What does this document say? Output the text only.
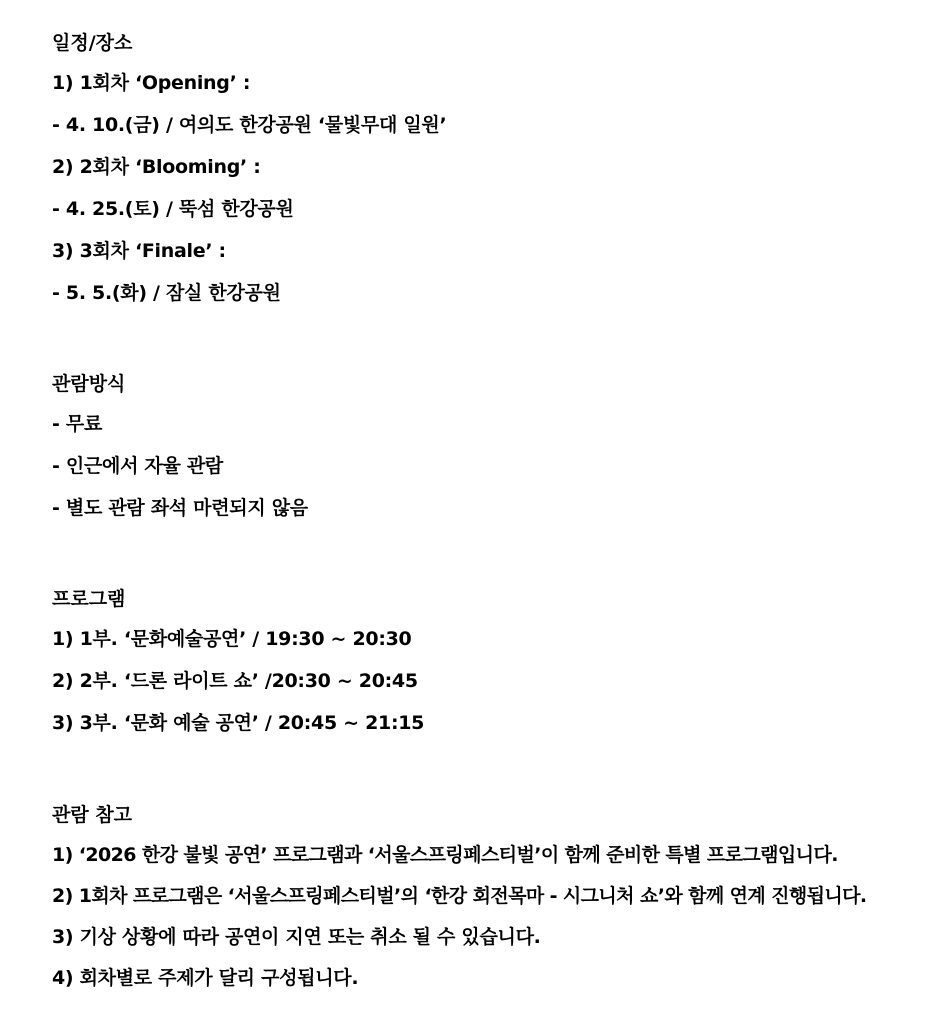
일정/장소
1) 1회차 ‘Opening’ :
- 4. 10.(금) / 여의도 한강공원 ‘물빛무대 일원’
2) 2회차 ‘Blooming’ :
- 4. 25.(토) / 뚝섬 한강공원
3) 3회차 ‘Finale’ :
- 5. 5.(화) / 잠실 한강공원
관람방식
- 무료
- 인근에서 자율 관람
- 별도 관람 좌석 마련되지 않음
프로그램
1) 1부. ‘문화예술공연’ / 19:30 ~ 20:30
2) 2부. ‘드론 라이트 쇼’ /20:30 ~ 20:45
3) 3부. ‘문화 예술 공연’ / 20:45 ~ 21:15
관람 참고
1) ‘2026 한강 불빛 공연’ 프로그램과 ‘서울스프링페스티벌’이 함께 준비한 특별 프로그램입니다.
2) 1회차 프로그램은 ‘서울스프링페스티벌’의 ‘한강 회전목마 - 시그니처 쇼’와 함께 연계 진행됩니다.
3) 기상 상황에 따라 공연이 지연 또는 취소 될 수 있습니다.
4) 회차별로 주제가 달리 구성됩니다.
